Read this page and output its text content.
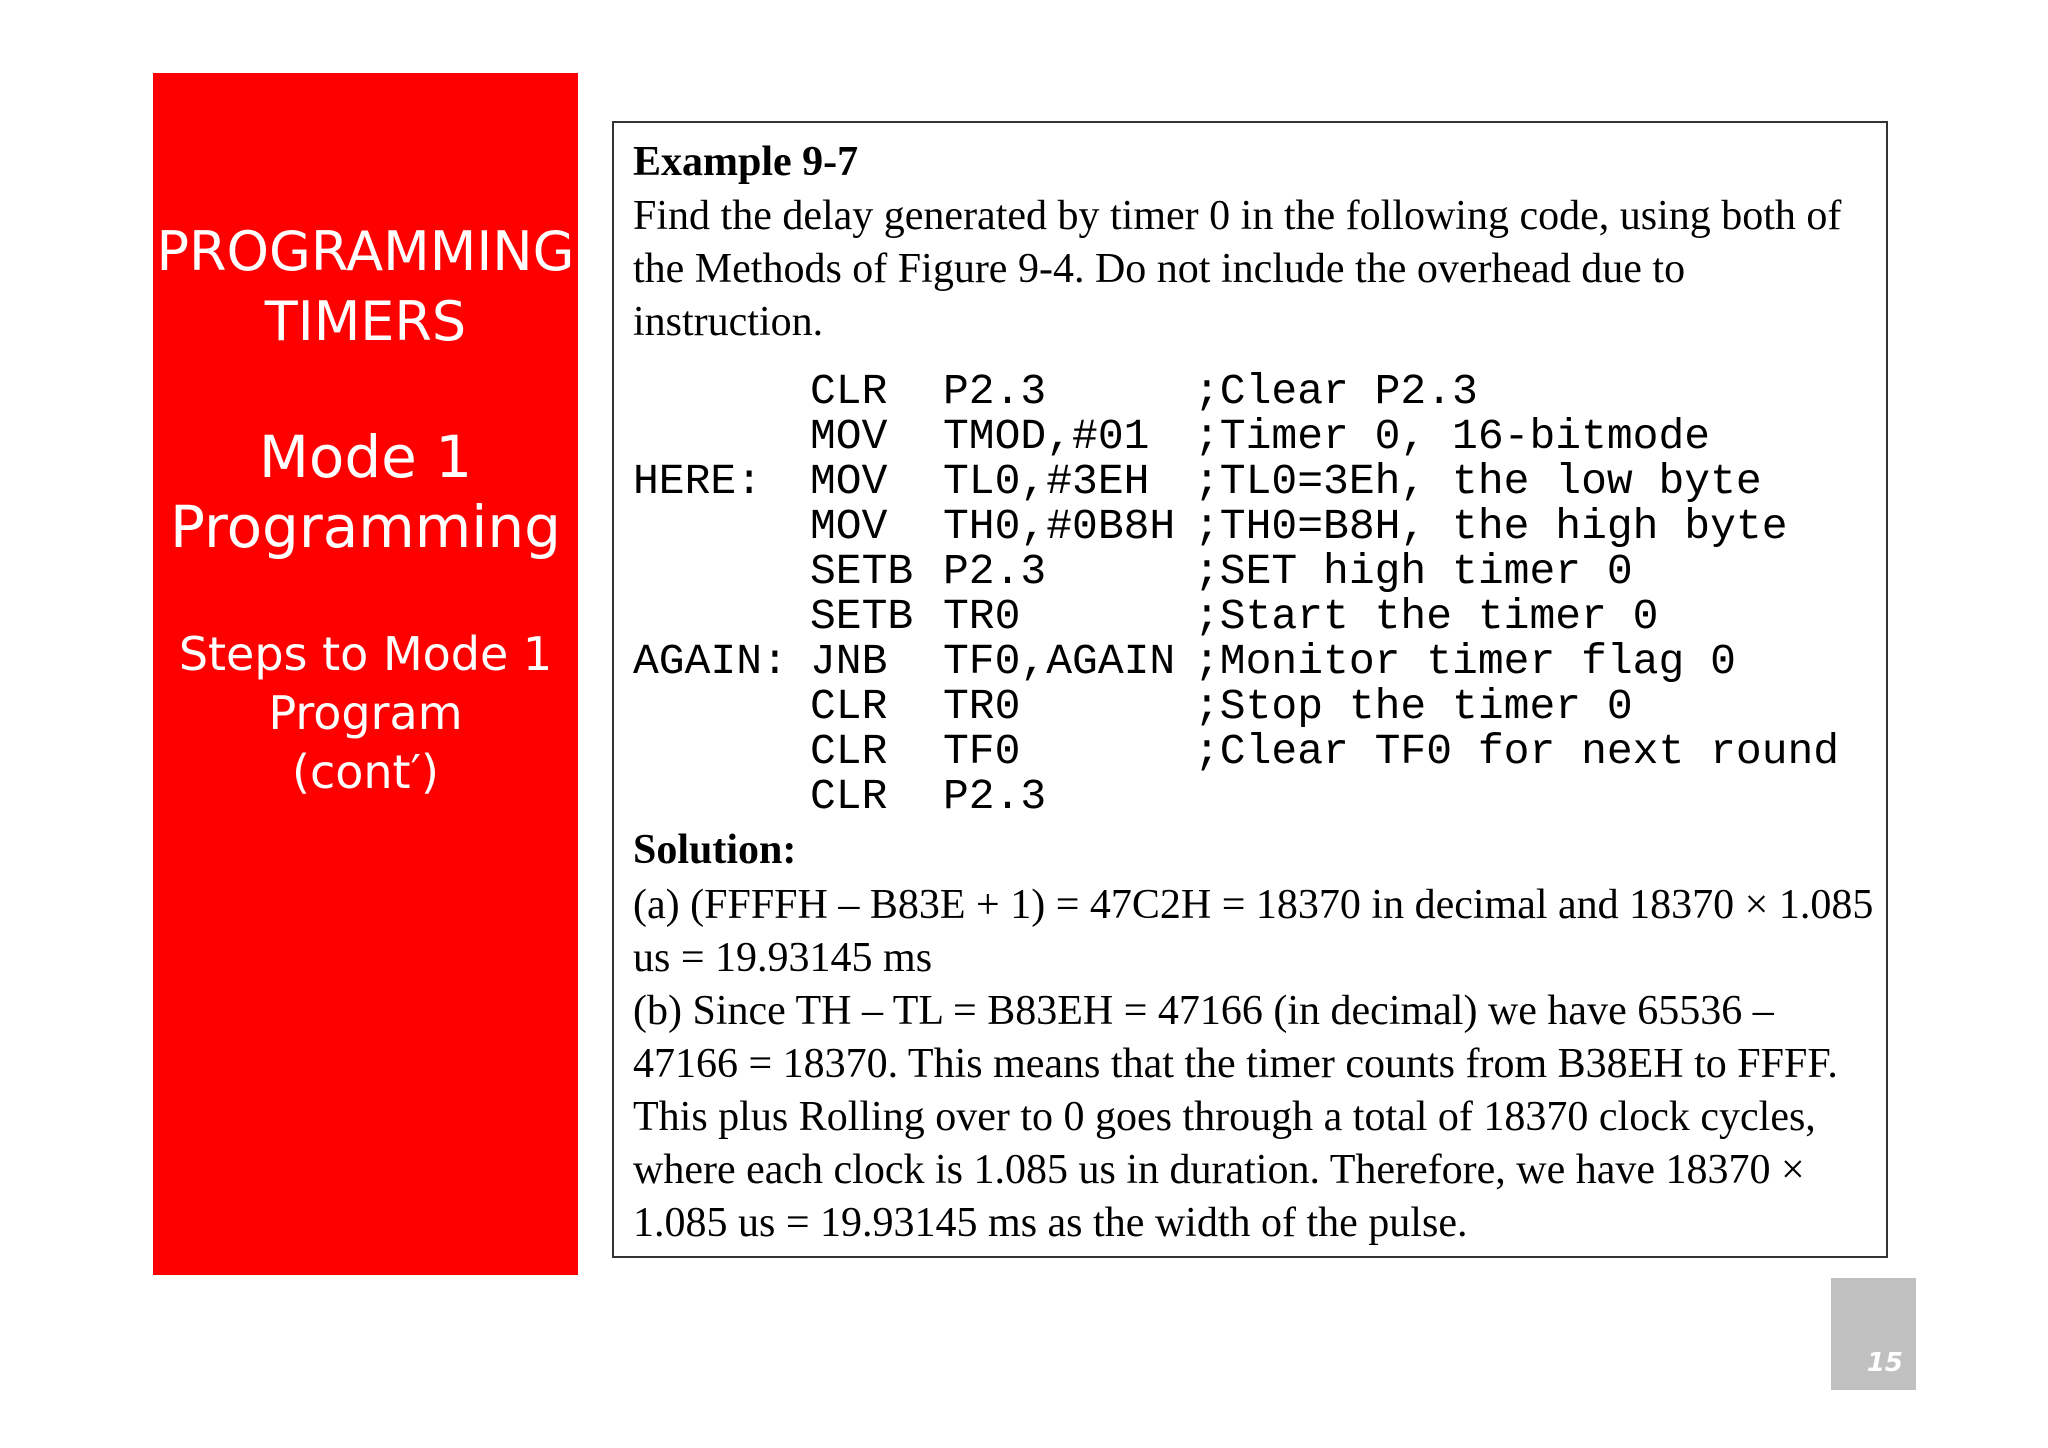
PROGRAMMING
TIMERS
Mode 1
Programming
Steps to Mode 1
Program
(cont′)
Example 9-7
Find the delay generated by timer 0 in the following code, using both of the Methods of Figure 9-4. Do not include the overhead due to instruction.
CLR	P2.3	;Clear P2.3
MOV	TMOD,#01	;Timer 0, 16-bitmode
HERE:	MOV	TL0,#3EH	;TL0=3Eh, the low byte
MOV	TH0,#0B8H ;TH0=B8H, the high byte
SETB P2.3	;SET high timer 0
SETB TR0	;Start the timer 0
AGAIN: JNB	TF0,AGAIN ;Monitor timer flag 0
CLR	TR0	;Stop the timer 0
CLR	TF0	;Clear TF0 for next round
CLR	P2.3
Solution:

(a) (FFFFH – B83E + 1) = 47C2H = 18370 in decimal and 18370 × 1.085 us = 19.93145 ms

(b) Since TH – TL = B83EH = 47166 (in decimal) we have 65536 – 47166 = 18370. This means that the timer counts from B38EH to FFFF. This plus Rolling over to 0 goes through a total of 18370 clock cycles, where each clock is 1.085 us in duration. Therefore, we have 18370 × 1.085 us = 19.93145 ms as the width of the pulse.

15
